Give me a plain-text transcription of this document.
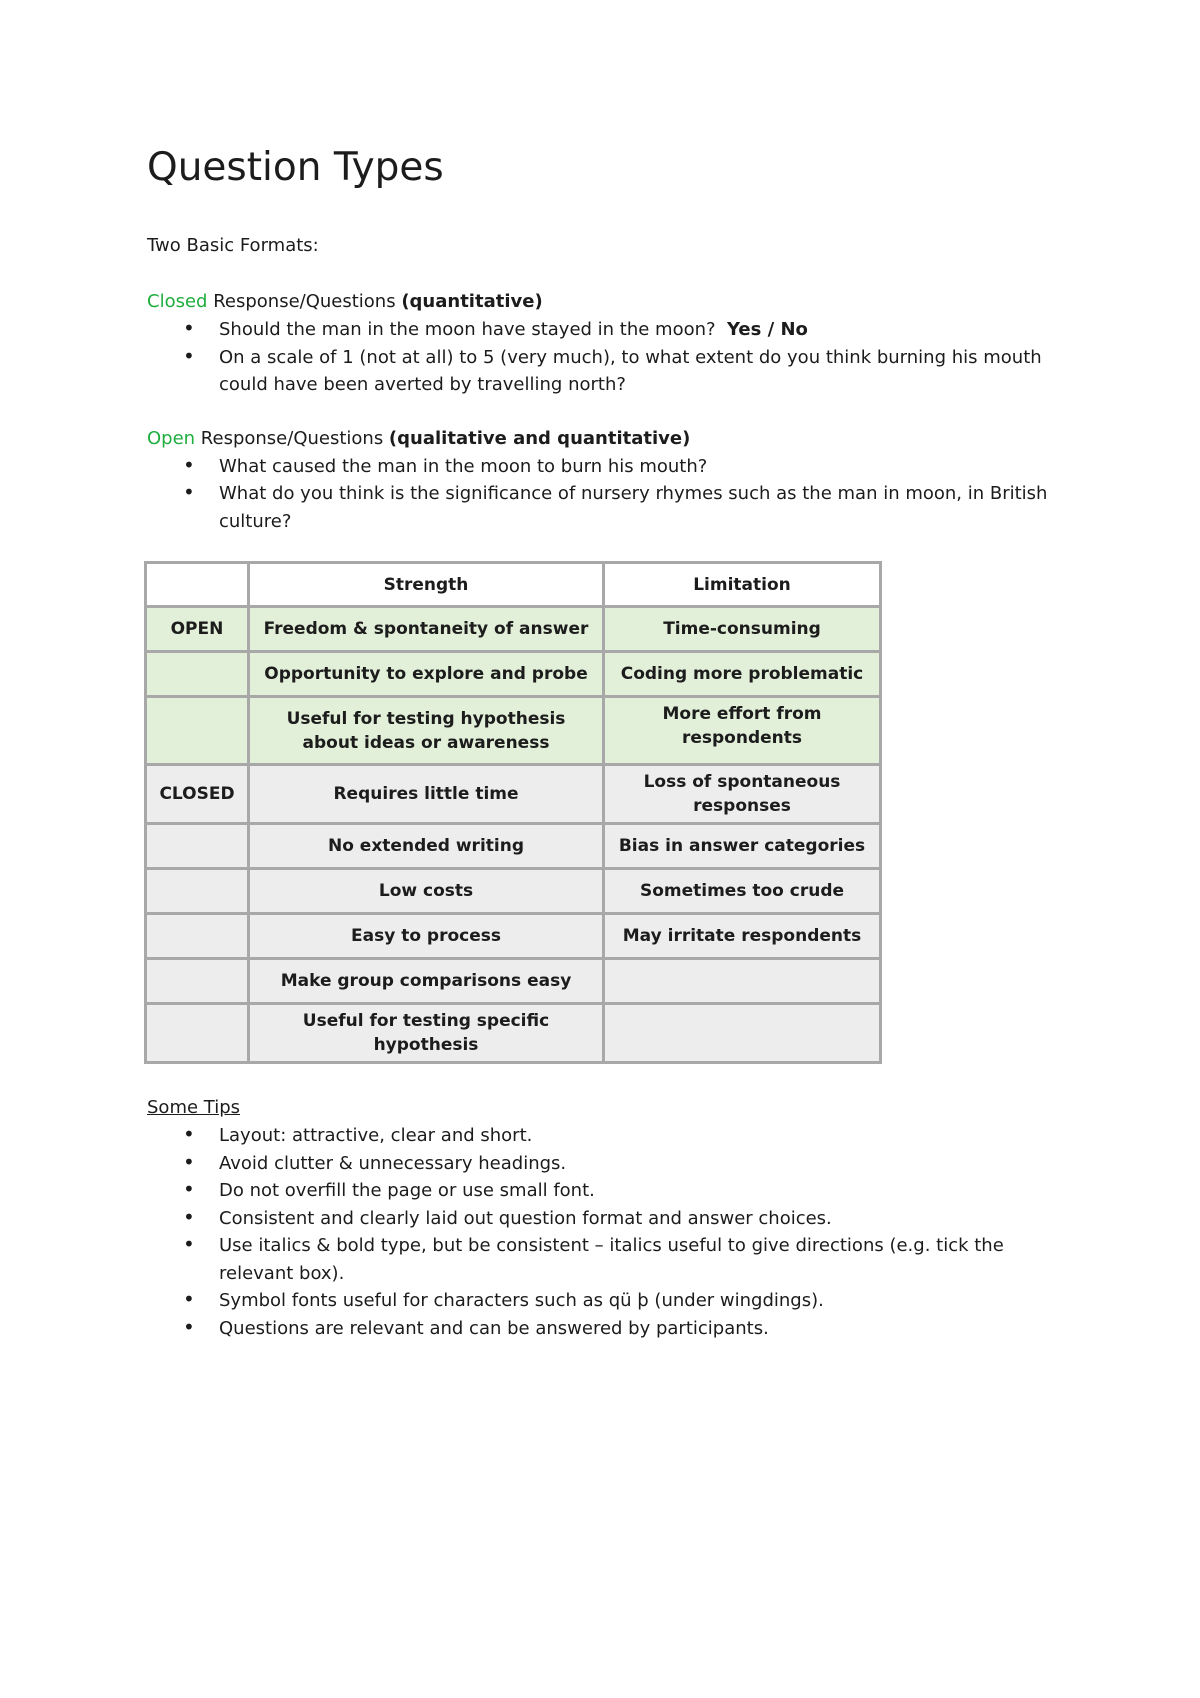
Question Types
Two Basic Formats:
Closed Response/Questions (quantitative)
• Should the man in the moon have stayed in the moon?  Yes / No
• On a scale of 1 (not at all) to 5 (very much), to what extent do you think burning his mouth could have been averted by travelling north?
Open Response/Questions (qualitative and quantitative)
• What caused the man in the moon to burn his mouth?
• What do you think is the significance of nursery rhymes such as the man in moon, in British culture?
	Strength	Limitation
OPEN	Freedom & spontaneity of answer	Time-consuming
	Opportunity to explore and probe	Coding more problematic
	Useful for testing hypothesis about ideas or awareness	More effort from respondents
CLOSED	Requires little time	Loss of spontaneous responses
	No extended writing	Bias in answer categories
	Low costs	Sometimes too crude
	Easy to process	May irritate respondents
	Make group comparisons easy	
	Useful for testing specific hypothesis	
Some Tips
• Layout: attractive, clear and short.
• Avoid clutter & unnecessary headings.
• Do not overfill the page or use small font.
• Consistent and clearly laid out question format and answer choices.
• Use italics & bold type, but be consistent – italics useful to give directions (e.g. tick the relevant box).
• Symbol fonts useful for characters such as qü þ (under wingdings).
• Questions are relevant and can be answered by participants.
